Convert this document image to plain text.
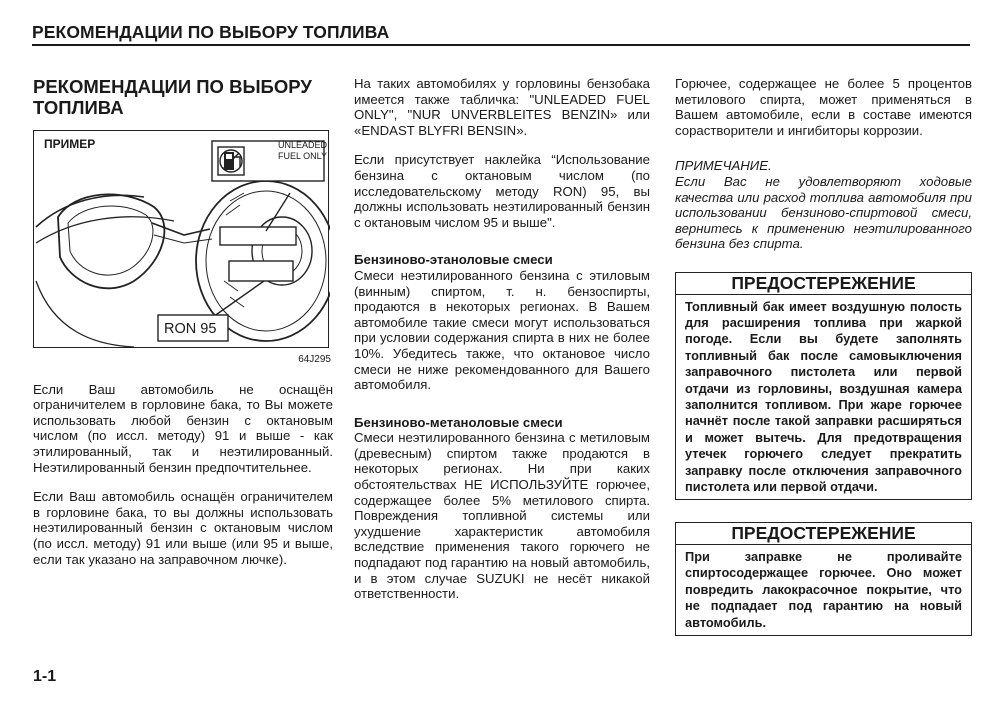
РЕКОМЕНДАЦИИ ПО ВЫБОРУ ТОПЛИВА
РЕКОМЕНДАЦИИ ПО ВЫБОРУ ТОПЛИВА
ПРИМЕР	UNLEADED FUEL ONLY
RON 95
64J295

Если Ваш автомобиль не оснащён ограничителем в горловине бака, то Вы можете использовать любой бензин с октановым числом (по иссл. методу) 91 и выше - как этилированный, так и неэтилированный. Неэтилированный бензин предпочтительнее.

Если Ваш автомобиль оснащён ограничителем в горловине бака, то вы должны использовать неэтилированный бензин с октановым числом (по иссл. методу) 91 или выше (или 95 и выше, если так указано на заправочном лючке).

На таких автомобилях у горловины бензобака имеется также табличка: "UNLEADED FUEL ONLY", "NUR UNVERBLEITES BENZIN» или «ENDAST BLYFRI BENSIN».

Если присутствует наклейка “Использование бензина с октановым числом (по исследовательскому методу RON) 95, вы должны использовать неэтилированный бензин с октановым числом 95 и выше".

Бензиново-этаноловые смеси

Смеси неэтилированного бензина с этиловым (винным) спиртом, т. н. бензоспирты, продаются в некоторых регионах. В Вашем автомобиле такие смеси могут использоваться при условии содержания спирта в них не более 10%. Убедитесь также, что октановое число смеси не ниже рекомендованного для Вашего автомобиля.

Бензиново-метаноловые смеси

Смеси неэтилированного бензина с метиловым (древесным) спиртом также продаются в некоторых регионах. Ни при каких обстоятельствах НЕ ИСПОЛЬЗУЙТЕ горючее, содержащее более 5% метилового спирта. Повреждения топливной системы или ухудшение характеристик автомобиля вследствие применения такого горючего не подпадают под гарантию на новый автомобиль, и в этом случае SUZUKI не несёт никакой ответственности.

Горючее, содержащее не более 5 процентов метилового спирта, может применяться в Вашем автомобиле, если в составе имеются сорастворители и ингибиторы коррозии.

ПРИМЕЧАНИЕ.
Если Вас не удовлетворяют ходовые качества или расход топлива автомобиля при использовании бензиново-спиртовой смеси, вернитесь к применению неэтилированного бензина без спирта.
ПРЕДОСТЕРЕЖЕНИЕ
Топливный бак имеет воздушную полость для расширения топлива при жаркой погоде. Если вы будете заполнять топливный бак после самовыключения заправочного пистолета или первой отдачи из горловины, воздушная камера заполнится топливом. При жаре горючее начнёт после такой заправки расширяться и может вытечь. Для предотвращения утечек горючего следует прекратить заправку после отключения заправочного пистолета или первой отдачи.
ПРЕДОСТЕРЕЖЕНИЕ
При заправке не проливайте спиртосодержащее горючее. Оно может повредить лакокрасочное покрытие, что не подпадает под гарантию на новый автомобиль.
1-1
